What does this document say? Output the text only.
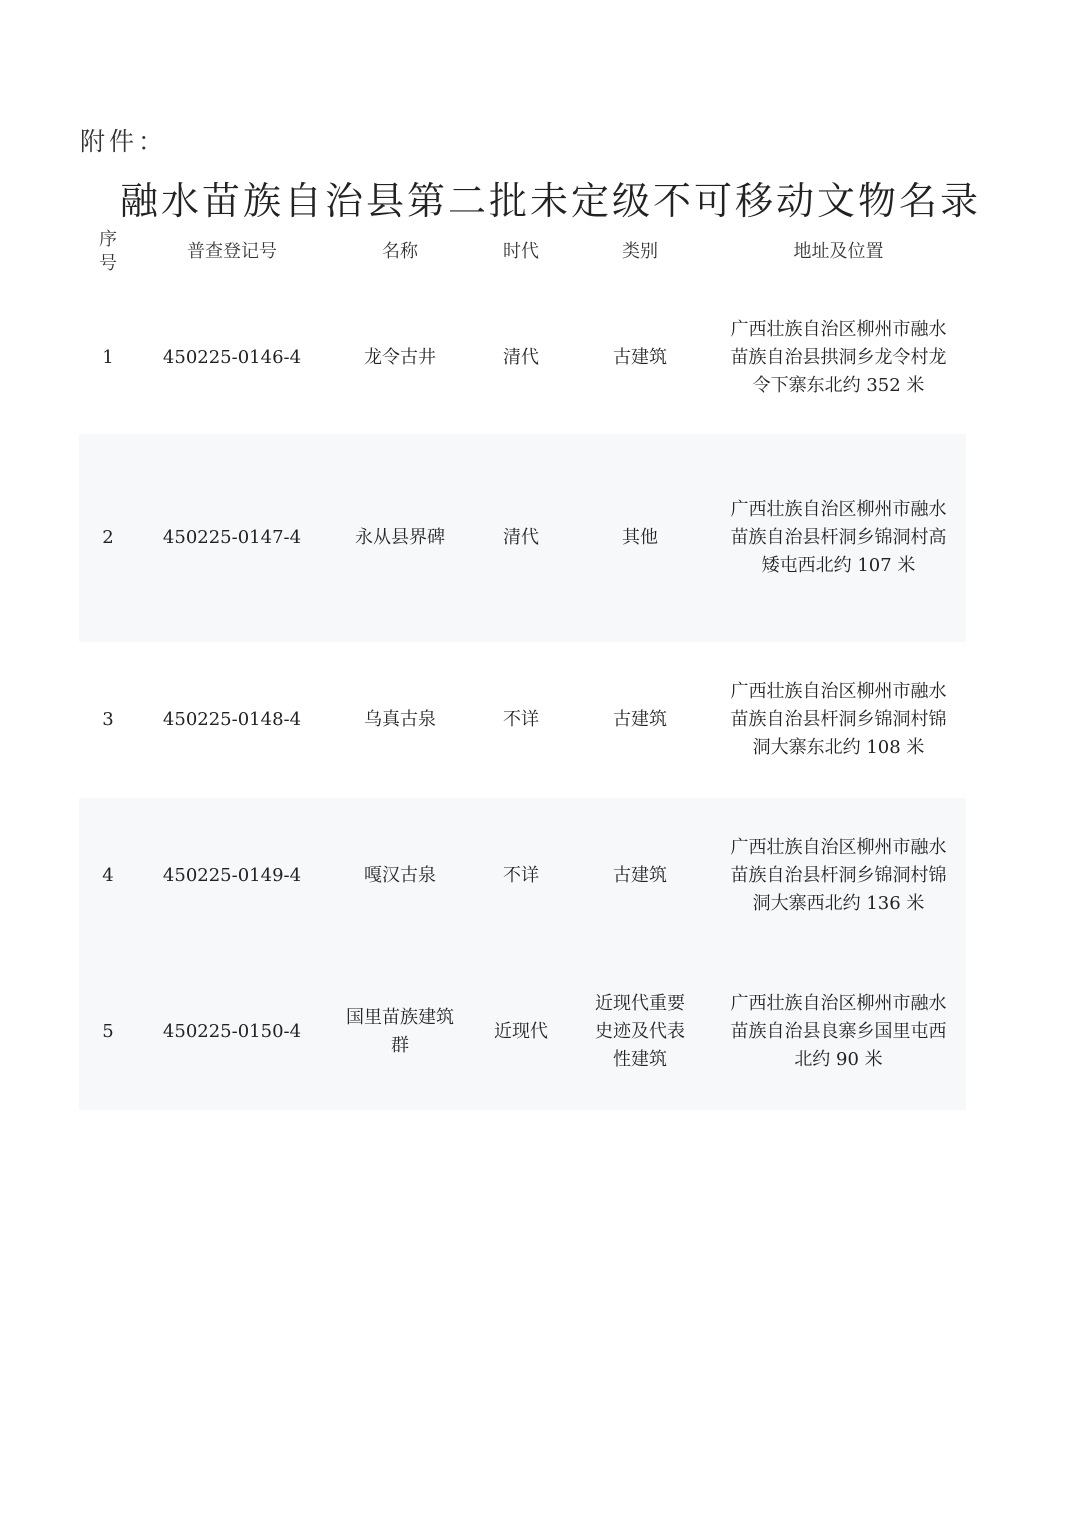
附件：
融水苗族自治县第二批未定级不可移动文物名录
序号	普查登记号	名称	时代	类别	地址及位置
1	450225-0146-4	龙令古井	清代	古建筑	广西壮族自治区柳州市融水苗族自治县拱洞乡龙令村龙令下寨东北约 352 米
2	450225-0147-4	永从县界碑	清代	其他	广西壮族自治区柳州市融水苗族自治县杆洞乡锦洞村高矮屯西北约 107 米
3	450225-0148-4	乌真古泉	不详	古建筑	广西壮族自治区柳州市融水苗族自治县杆洞乡锦洞村锦洞大寨东北约 108 米
4	450225-0149-4	嘎汉古泉	不详	古建筑	广西壮族自治区柳州市融水苗族自治县杆洞乡锦洞村锦洞大寨西北约 136 米
5	450225-0150-4	国里苗族建筑群	近现代	近现代重要史迹及代表性建筑	广西壮族自治区柳州市融水苗族自治县良寨乡国里屯西北约 90 米
